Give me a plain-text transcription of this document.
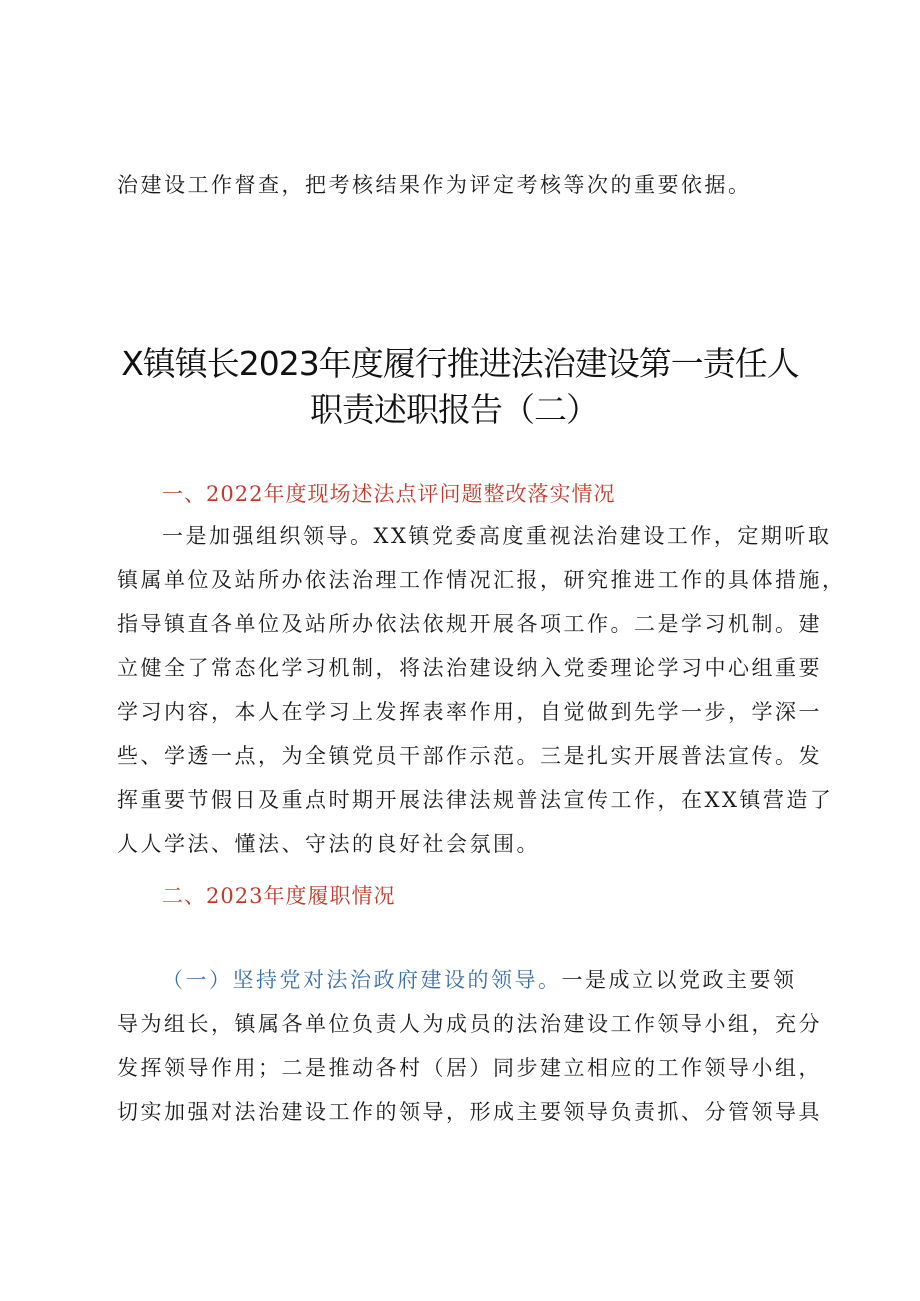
治建设工作督查，把考核结果作为评定考核等次的重要依据。
X镇镇长2023年度履行推进法治建设第一责任人
职责述职报告（二）
一、2022年度现场述法点评问题整改落实情况
一是加强组织领导。XX镇党委高度重视法治建设工作，定期听取
镇属单位及站所办依法治理工作情况汇报，研究推进工作的具体措施，
指导镇直各单位及站所办依法依规开展各项工作。二是学习机制。建
立健全了常态化学习机制，将法治建设纳入党委理论学习中心组重要
学习内容，本人在学习上发挥表率作用，自觉做到先学一步，学深一
些、学透一点，为全镇党员干部作示范。三是扎实开展普法宣传。发
挥重要节假日及重点时期开展法律法规普法宣传工作，在XX镇营造了
人人学法、懂法、守法的良好社会氛围。
二、2023年度履职情况
（一）坚持党对法治政府建设的领导。一是成立以党政主要领
导为组长，镇属各单位负责人为成员的法治建设工作领导小组，充分
发挥领导作用；二是推动各村（居）同步建立相应的工作领导小组，
切实加强对法治建设工作的领导，形成主要领导负责抓、分管领导具
